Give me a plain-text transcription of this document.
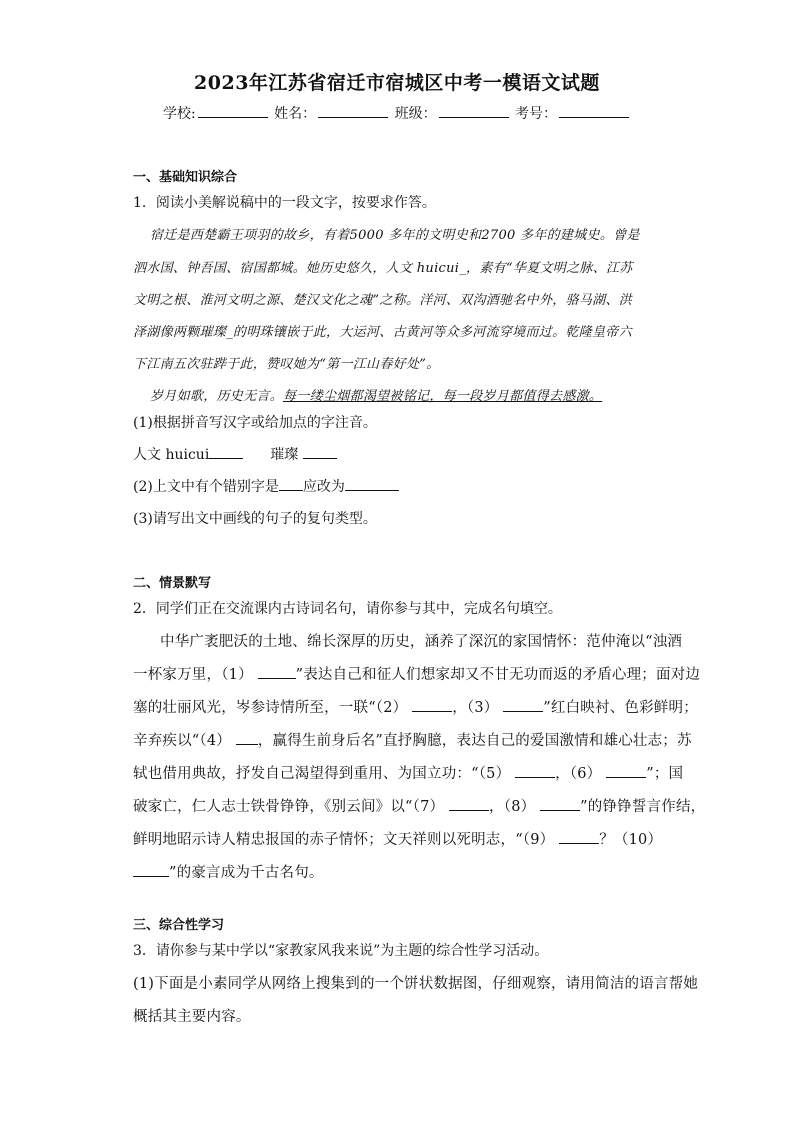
2023年江苏省宿迁市宿城区中考一模语文试题
学校:	姓名：	班级：	考号：
一、基础知识综合
1．阅读小美解说稿中的一段文字，按要求作答。
宿迁是西楚霸王项羽的故乡，有着5000 多年的文明史和2700 多年的建城史。曾是
泗水国、钟吾国、宿国都城。她历史悠久，人文 huicui_，素有“华夏文明之脉、江苏
文明之根、淮河文明之源、楚汉文化之魂”之称。洋河、双沟酒驰名中外，骆马湖、洪
泽湖像两颗璀璨_的明珠镶嵌于此，大运河、古黄河等众多河流穿境而过。乾隆皇帝六
下江南五次驻跸于此，赞叹她为“第一江山春好处”。
岁月如歌，历史无言。每一缕尘烟都渴望被铭记，每一段岁月都值得去感激。
(1)根据拼音写汉字或给加点的字注音。
人文 huicui	璀璨
(2)上文中有个错别字是 应改为
(3)请写出文中画线的句子的复句类型。
二、情景默写
2．同学们正在交流课内古诗词名句，请你参与其中，完成名句填空。
中华广袤肥沃的土地、绵长深厚的历史，涵养了深沉的家国情怀：范仲淹以“浊酒
一杯家万里，（1）	”表达自己和征人们想家却又不甘无功而返的矛盾心理；面对边
塞的壮丽风光，岑参诗情所至，一联“（2）	，（3）	”红白映衬、色彩鲜明；
辛弃疾以“（4） ，赢得生前身后名”直抒胸臆，表达自己的爱国激情和雄心壮志；苏
轼也借用典故，抒发自己渴望得到重用、为国立功：“（5）	，（6）	”；国
破家亡，仁人志士铁骨铮铮，《别云间》以“（7）	，（8）	”的铮铮誓言作结，
鲜明地昭示诗人精忠报国的赤子情怀；文天祥则以死明志，“（9）	？（10）
”的豪言成为千古名句。
三、综合性学习
3．请你参与某中学以“家教家风我来说”为主题的综合性学习活动。
(1)下面是小素同学从网络上搜集到的一个饼状数据图，仔细观察，请用简洁的语言帮她
概括其主要内容。
